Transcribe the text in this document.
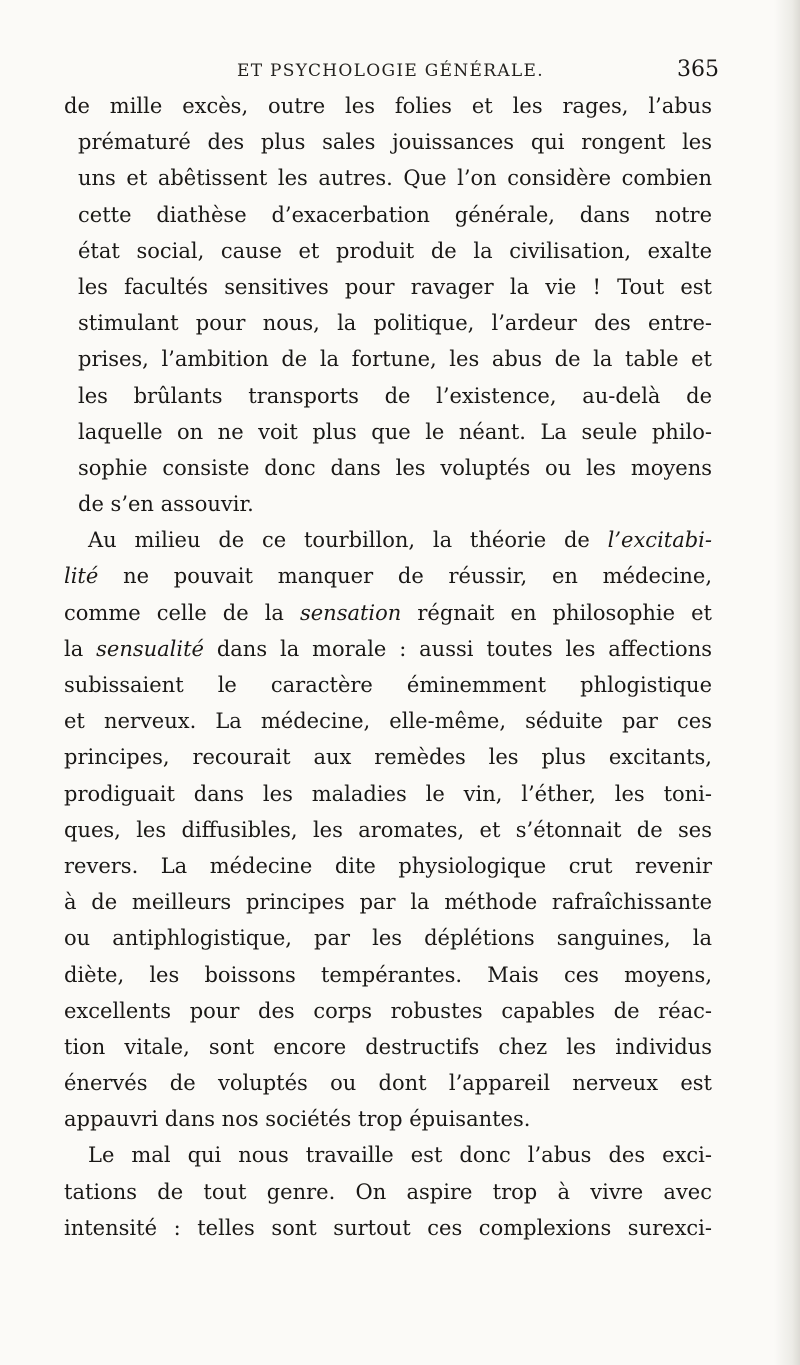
ET PSYCHOLOGIE GÉNÉRALE.	365
de mille excès, outre les folies et les rages, l’abus
prématuré des plus sales jouissances qui rongent les
uns et abêtissent les autres. Que l’on considère combien
cette diathèse d’exacerbation générale, dans notre
état social, cause et produit de la civilisation, exalte
les facultés sensitives pour ravager la vie ! Tout est
stimulant pour nous, la politique, l’ardeur des entre-
prises, l’ambition de la fortune, les abus de la table et
les brûlants transports de l’existence, au-delà de
laquelle on ne voit plus que le néant. La seule philo-
sophie consiste donc dans les voluptés ou les moyens
de s’en assouvir.
Au milieu de ce tourbillon, la théorie de l’excitabi-
lité ne pouvait manquer de réussir, en médecine,
comme celle de la sensation régnait en philosophie et
la sensualité dans la morale : aussi toutes les affections
subissaient le caractère éminemment phlogistique
et nerveux. La médecine, elle-même, séduite par ces
principes, recourait aux remèdes les plus excitants,
prodiguait dans les maladies le vin, l’éther, les toni-
ques, les diffusibles, les aromates, et s’étonnait de ses
revers. La médecine dite physiologique crut revenir
à de meilleurs principes par la méthode rafraîchissante
ou antiphlogistique, par les déplétions sanguines, la
diète, les boissons tempérantes. Mais ces moyens,
excellents pour des corps robustes capables de réac-
tion vitale, sont encore destructifs chez les individus
énervés de voluptés ou dont l’appareil nerveux est
appauvri dans nos sociétés trop épuisantes.
Le mal qui nous travaille est donc l’abus des exci-
tations de tout genre. On aspire trop à vivre avec
intensité : telles sont surtout ces complexions surexci-
